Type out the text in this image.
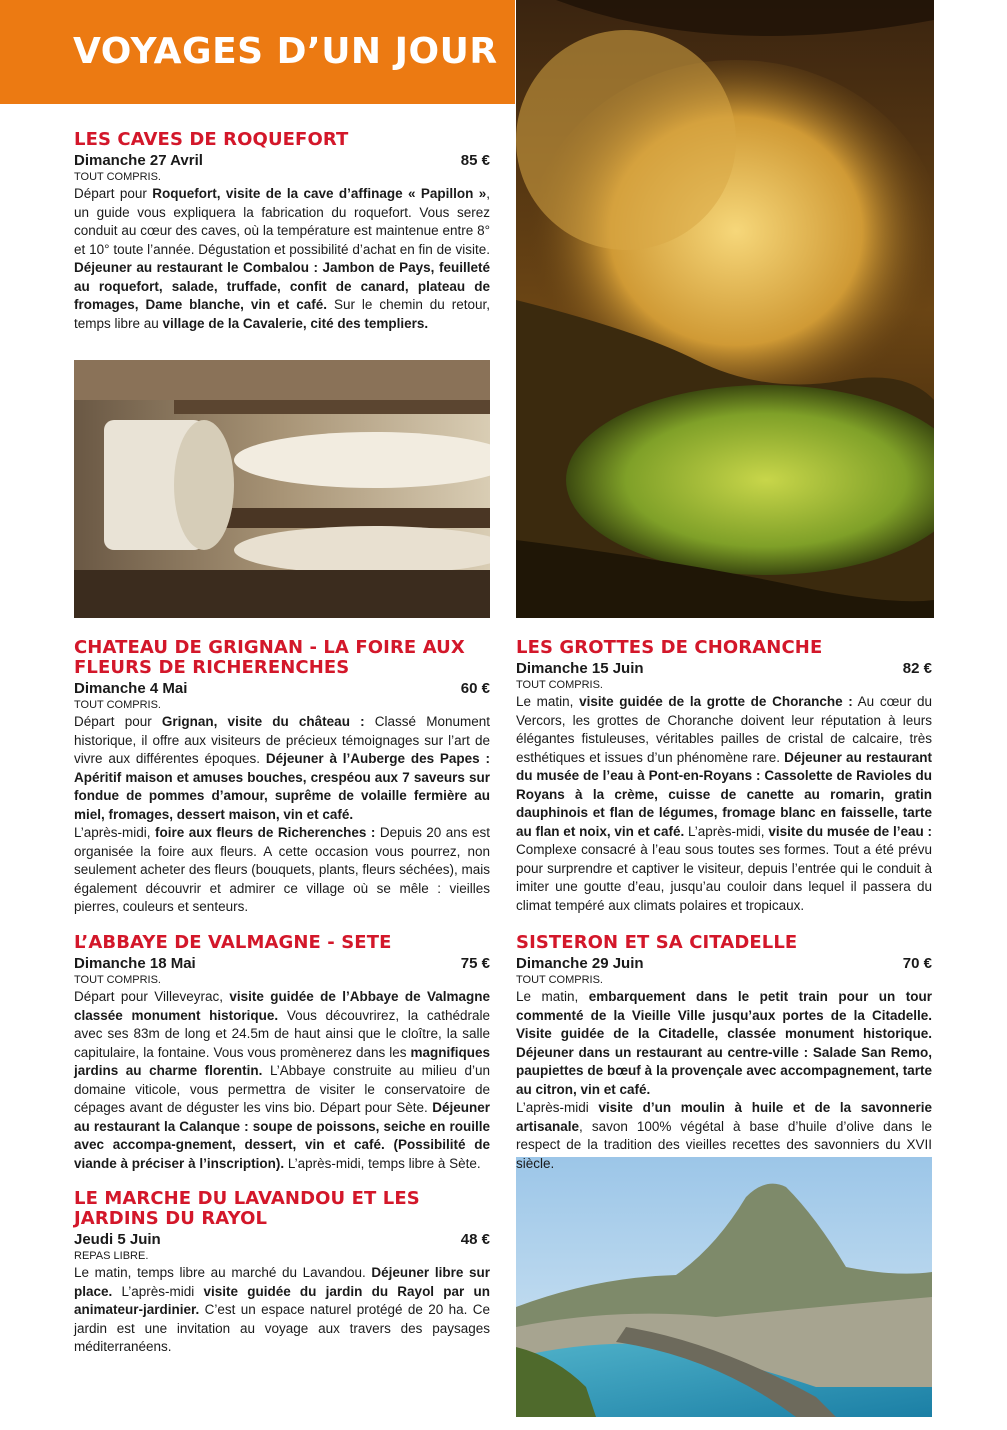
VOYAGES D’UN JOUR
LES CAVES DE ROQUEFORT
Dimanche 27 Avril	85 €
TOUT COMPRIS.

Départ pour Roquefort, visite de la cave d’affinage « Papillon », un guide vous expliquera la fabrication du roquefort. Vous serez conduit au cœur des caves, où la température est maintenue entre 8° et 10° toute l’année. Dégustation et possibilité d’achat en fin de visite. Déjeuner au restaurant le Combalou : Jambon de Pays, feuilleté au roquefort, salade, truffade, confit de canard, plateau de fromages, Dame blanche, vin et café. Sur le chemin du retour, temps libre au village de la Cavalerie, cité des templiers.

CHATEAU DE GRIGNAN - LA FOIRE AUX FLEURS DE RICHERENCHES
Dimanche 4 Mai	60 €
TOUT COMPRIS.

Départ pour Grignan, visite du château : Classé Monument historique, il offre aux visiteurs de précieux témoignages sur l’art de vivre aux différentes époques. Déjeuner à l’Auberge des Papes : Apéritif maison et amuses bouches, crespéou aux 7 saveurs sur fondue de pommes d’amour, suprême de volaille fermière au miel, fromages, dessert maison, vin et café.

L’après-midi, foire aux fleurs de Richerenches : Depuis 20 ans est organisée la foire aux fleurs. A cette occasion vous pourrez, non seulement acheter des fleurs (bouquets, plants, fleurs séchées), mais également découvrir et admirer ce village où se mêle : vieilles pierres, couleurs et senteurs.

L’ABBAYE DE VALMAGNE - SETE
Dimanche 18 Mai	75 €
TOUT COMPRIS.

Départ pour Villeveyrac, visite guidée de l’Abbaye de Valmagne classée monument historique. Vous découvrirez, la cathédrale avec ses 83m de long et 24.5m de haut ainsi que le cloître, la salle capitulaire, la fontaine. Vous vous promènerez dans les magnifiques jardins au charme florentin. L’Abbaye construite au milieu d’un domaine viticole, vous permettra de visiter le conservatoire de cépages avant de déguster les vins bio. Départ pour Sète. Déjeuner au restaurant la Calanque : soupe de poissons, seiche en rouille avec accompa-gnement, dessert, vin et café. (Possibilité de viande à préciser à l’inscription). L’après-midi, temps libre à Sète.

LE MARCHE DU LAVANDOU ET LES JARDINS DU RAYOL
Jeudi 5 Juin	48 €
REPAS LIBRE.

Le matin, temps libre au marché du Lavandou. Déjeuner libre sur place. L’après-midi visite guidée du jardin du Rayol par un animateur-jardinier. C’est un espace naturel protégé de 20 ha. Ce jardin est une invitation au voyage aux travers des paysages méditerranéens.

LES GROTTES DE CHORANCHE
Dimanche 15 Juin	82 €
TOUT COMPRIS.

Le matin, visite guidée de la grotte de Choranche : Au cœur du Vercors, les grottes de Choranche doivent leur réputation à leurs élégantes fistuleuses, véritables pailles de cristal de calcaire, très esthétiques et issues d’un phénomène rare. Déjeuner au restaurant du musée de l’eau à Pont-en-Royans : Cassolette de Ravioles du Royans à la crème, cuisse de canette au romarin, gratin dauphinois et flan de légumes, fromage blanc en faisselle, tarte au flan et noix, vin et café. L’après-midi, visite du musée de l’eau : Complexe consacré à l’eau sous toutes ses formes. Tout a été prévu pour surprendre et captiver le visiteur, depuis l’entrée qui le conduit à imiter une goutte d’eau, jusqu’au couloir dans lequel il passera du climat tempéré aux climats polaires et tropicaux.

SISTERON ET SA CITADELLE
Dimanche 29 Juin	70 €
TOUT COMPRIS.

Le matin, embarquement dans le petit train pour un tour commenté de la Vieille Ville jusqu’aux portes de la Citadelle. Visite guidée de la Citadelle, classée monument historique. Déjeuner dans un restaurant au centre-ville : Salade San Remo, paupiettes de bœuf à la provençale avec accompagnement, tarte au citron, vin et café.

L’après-midi visite d’un moulin à huile et de la savonnerie artisanale, savon 100% végétal à base d’huile d’olive dans le respect de la tradition des vieilles recettes des savonniers du XVII siècle.
